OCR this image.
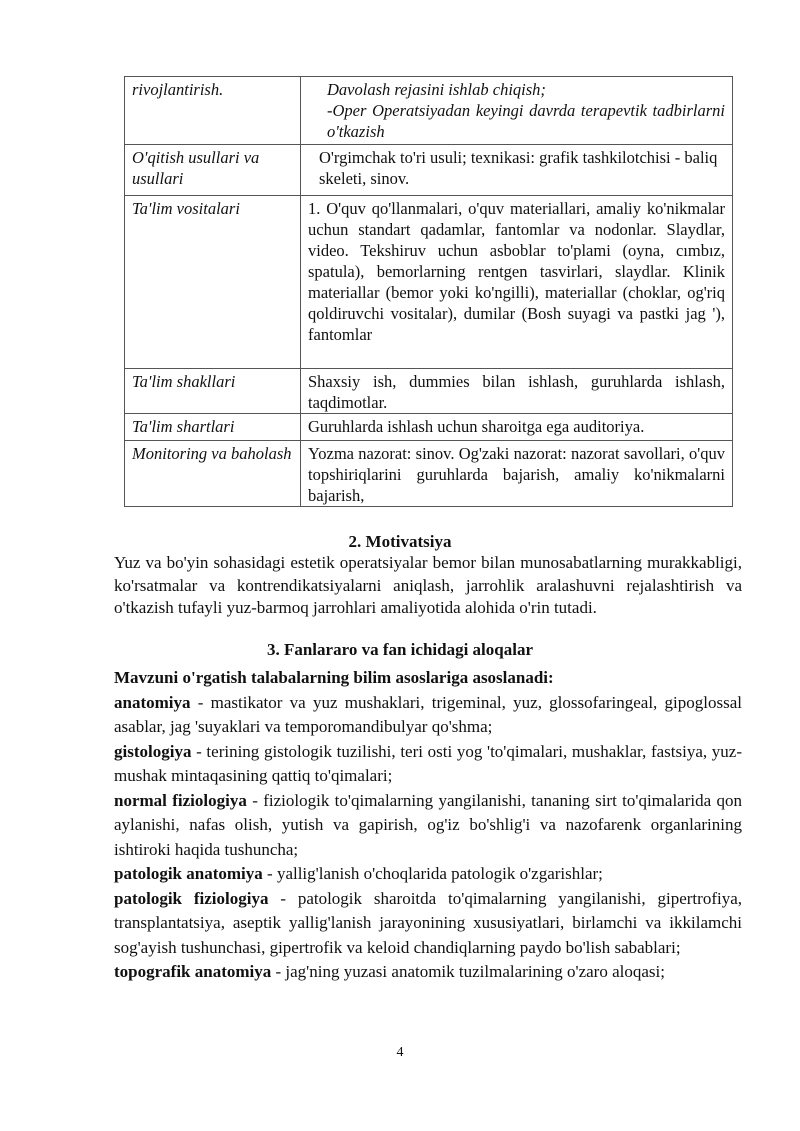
rivojlantirish.	Davolash rejasini ishlab chiqish;
-Oper Operatsiyadan keyingi davrda terapevtik tadbirlarni o'tkazish

O'qitish usullari va usullari	O'rgimchak to'ri usuli; texnikasi: grafik tashkilotchisi - baliq skeleti, sinov.
Ta'lim vositalari	1. O'quv qo'llanmalari, o'quv materiallari, amaliy ko'nikmalar uchun standart qadamlar, fantomlar va nodonlar. Slaydlar, video. Tekshiruv uchun asboblar to'plami (oyna, cımbız, spatula), bemorlarning rentgen tasvirlari, slaydlar. Klinik materiallar (bemor yoki ko'ngilli), materiallar (choklar, og'riq qoldiruvchi vositalar), dumilar (Bosh suyagi va pastki jag '), fantomlar
Ta'lim shakllari	Shaxsiy ish, dummies bilan ishlash, guruhlarda ishlash, taqdimotlar.
Ta'lim shartlari	Guruhlarda ishlash uchun sharoitga ega auditoriya.
Monitoring va baholash	Yozma nazorat: sinov. Og'zaki nazorat: nazorat savollari, o'quv topshiriqlarini guruhlarda bajarish, amaliy ko'nikmalarni bajarish,
2. Motivatsiya
Yuz va bo'yin sohasidagi estetik operatsiyalar bemor bilan munosabatlarning murakkabligi, ko'rsatmalar va kontrendikatsiyalarni aniqlash, jarrohlik aralashuvni rejalashtirish va o'tkazish tufayli yuz-barmoq jarrohlari amaliyotida alohida o'rin tutadi.
3. Fanlararo va fan ichidagi aloqalar

Mavzuni o'rgatish talabalarning bilim asoslariga asoslanadi:

anatomiya - mastikator va yuz mushaklari, trigeminal, yuz, glossofaringeal, gipoglossal asablar, jag 'suyaklari va temporomandibulyar qo'shma;

gistologiya - terining gistologik tuzilishi, teri osti yog 'to'qimalari, mushaklar, fastsiya, yuz-mushak mintaqasining qattiq to'qimalari;

normal fiziologiya - fiziologik to'qimalarning yangilanishi, tananing sirt to'qimalarida qon aylanishi, nafas olish, yutish va gapirish, og'iz bo'shlig'i va nazofarenk organlarining ishtiroki haqida tushuncha;

patologik anatomiya - yallig'lanish o'choqlarida patologik o'zgarishlar;

patologik fiziologiya - patologik sharoitda to'qimalarning yangilanishi, gipertrofiya, transplantatsiya, aseptik yallig'lanish jarayonining xususiyatlari, birlamchi va ikkilamchi sog'ayish tushunchasi, gipertrofik va keloid chandiqlarning paydo bo'lish sabablari;

topografik anatomiya - jag'ning yuzasi anatomik tuzilmalarining o'zaro aloqasi;

4
